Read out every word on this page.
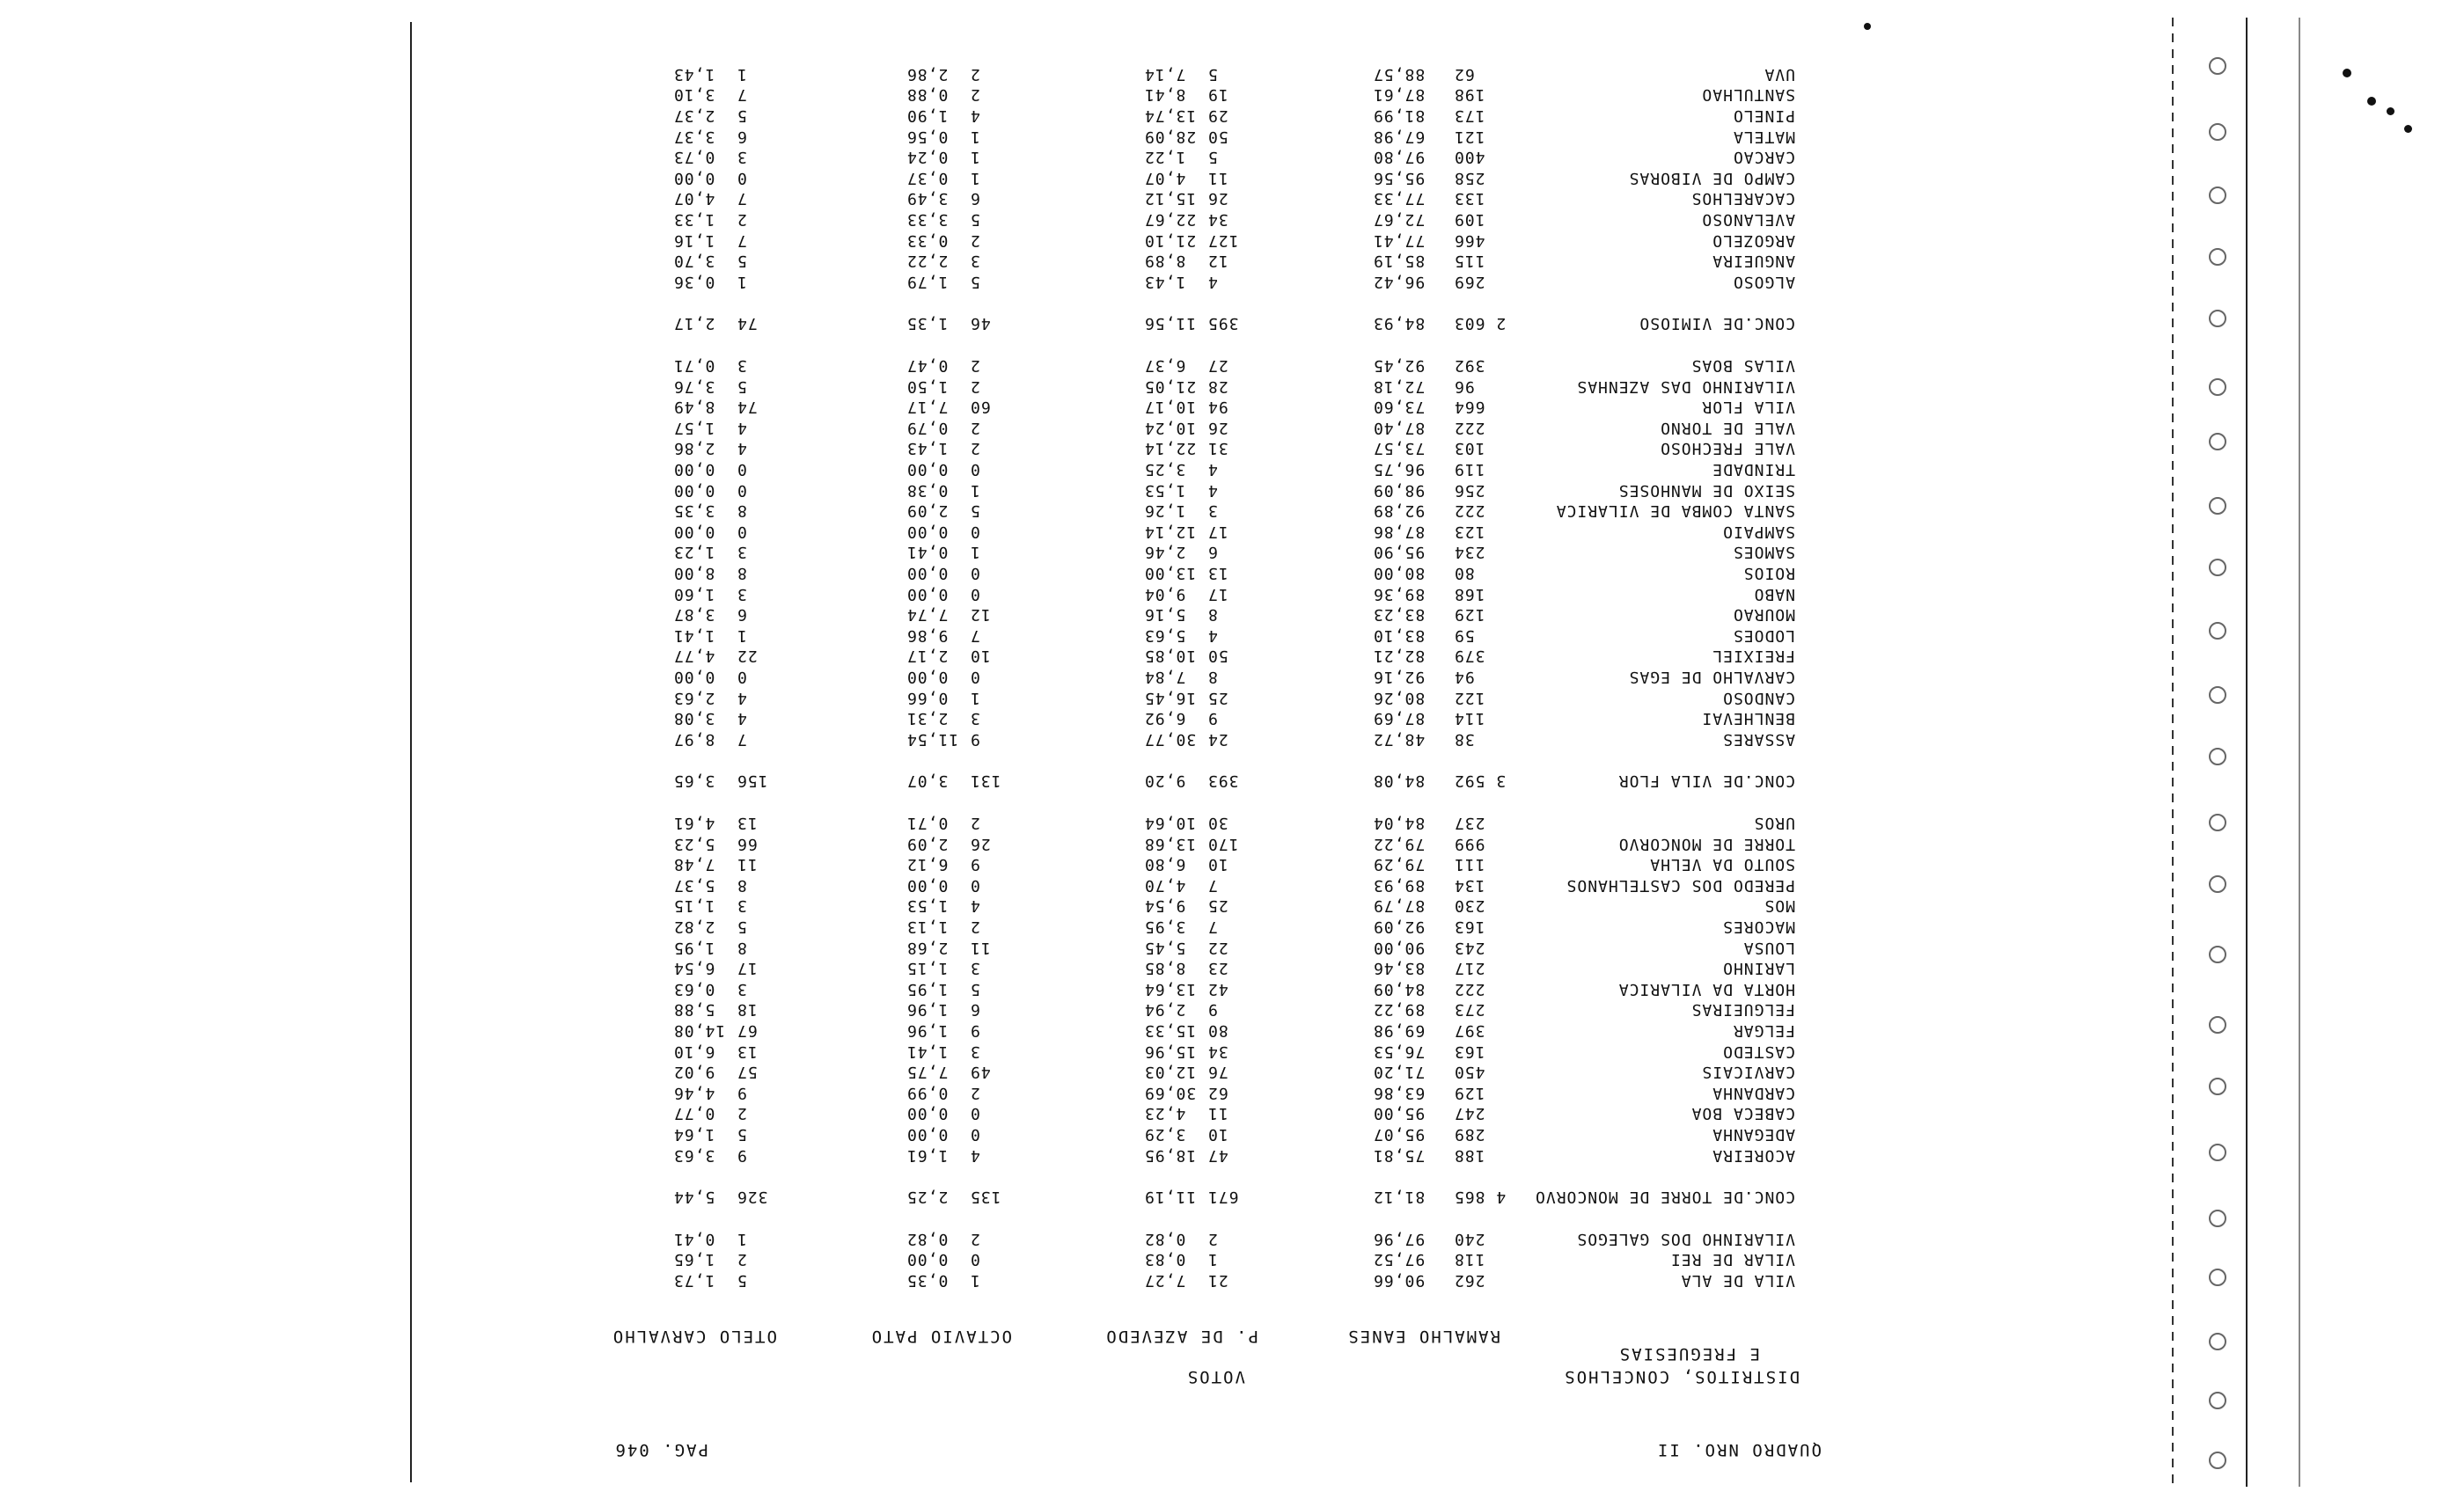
QUADRO NRO. II
PAG. 046
DISTRITOS, CONCELHOS
E FREGUESIAS
VOTOS
RAMALHO EANES
P. DE AZEVEDO
OCTAVIO PATO
OTELO CARVALHO
VILA DE ALA
262
90,66
21
7,27
1
0,35
5
1,73
VILAR DE REI
118
97,52
1
0,83
0
0,00
2
1,65
VILARINHO DOS GALEGOS
240
97,96
2
0,82
2
0,82
1
0,41
CONC.DE TORRE DE MONCORVO
4 865
81,12
671
11,19
135
2,25
326
5,44
ACOREIRA
188
75,81
47
18,95
4
1,61
9
3,63
ADEGANHA
289
95,07
10
3,29
0
0,00
5
1,64
CABECA BOA
247
95,00
11
4,23
0
0,00
2
0,77
CARDANHA
129
63,86
62
30,69
2
0,99
9
4,46
CARVICAIS
450
71,20
76
12,03
49
7,75
57
9,02
CASTEDO
163
76,53
34
15,96
3
1,41
13
6,10
FELGAR
397
69,98
80
15,33
9
1,96
67
14,08
FELGUEIRAS
273
89,22
9
2,94
6
1,96
18
5,88
HORTA DA VILARICA
222
84,09
42
13,64
5
1,95
3
0,63
LARINHO
217
83,46
23
8,85
3
1,15
17
6,54
LOUSA
243
90,00
22
5,45
11
2,68
8
1,95
MACORES
163
92,09
7
3,95
2
1,13
5
2,82
MOS
230
87,79
25
9,54
4
1,53
3
1,15
PEREDO DOS CASTELHANOS
134
89,93
7
4,70
0
0,00
8
5,37
SOUTO DA VELHA
111
79,29
10
6,80
9
6,12
11
7,48
TORRE DE MONCORVO
999
79,22
170
13,68
26
2,09
66
5,23
UROS
237
84,04
30
10,64
2
0,71
13
4,61
CONC.DE VILA FLOR
3 592
84,08
393
9,20
131
3,07
156
3,65
ASSARES
38
48,72
24
30,77
9
11,54
7
8,97
BENLHEVAI
114
87,69
9
6,92
3
2,31
4
3,08
CANDOSO
122
80,26
25
16,45
1
0,66
4
2,63
CARVALHO DE EGAS
94
92,16
8
7,84
0
0,00
0
0,00
FREIXIEL
379
82,21
50
10,85
10
2,17
22
4,77
LODOES
59
83,10
4
5,63
7
9,86
1
1,41
MOURAO
129
83,23
8
5,16
12
7,74
6
3,87
NABO
168
89,36
17
9,04
0
0,00
3
1,60
ROIOS
80
80,00
13
13,00
0
0,00
8
8,00
SAMOES
234
95,90
6
2,46
1
0,41
3
1,23
SAMPAIO
123
87,86
17
12,14
0
0,00
0
0,00
SANTA COMBA DE VILARICA
222
92,89
3
1,26
5
2,09
8
3,35
SEIXO DE MANHOSES
256
98,09
4
1,53
1
0,38
0
0,00
TRINDADE
119
96,75
4
3,25
0
0,00
0
0,00
VALE FRECHOSO
103
73,57
31
22,14
2
1,43
4
2,86
VALE DE TORNO
222
87,40
26
10,24
2
0,79
4
1,57
VILA FLOR
664
73,60
94
10,17
60
7,17
74
8,49
VILARINHO DAS AZENHAS
96
72,18
28
21,05
2
1,50
5
3,76
VILAS BOAS
392
92,45
27
6,37
2
0,47
3
0,71
CONC.DE VIMIOSO
2 603
84,93
395
11,56
46
1,35
74
2,17
ALGOSO
269
96,42
4
1,43
5
1,79
1
0,36
ANGUEIRA
115
85,19
12
8,89
3
2,22
5
3,70
ARGOZELO
466
77,41
127
21,10
2
0,33
7
1,16
AVELANOSO
109
72,67
34
22,67
5
3,33
2
1,33
CACARELHOS
133
77,33
26
15,12
6
3,49
7
4,07
CAMPO DE VIBORAS
258
95,56
11
4,07
1
0,37
0
0,00
CARCAO
400
97,80
5
1,22
1
0,24
3
0,73
MATELA
121
67,98
50
28,09
1
0,56
6
3,37
PINELO
173
81,99
29
13,74
4
1,90
5
2,37
SANTULHAO
198
87,61
19
8,41
2
0,88
7
3,10
UVA
62
88,57
5
7,14
2
2,86
1
1,43
